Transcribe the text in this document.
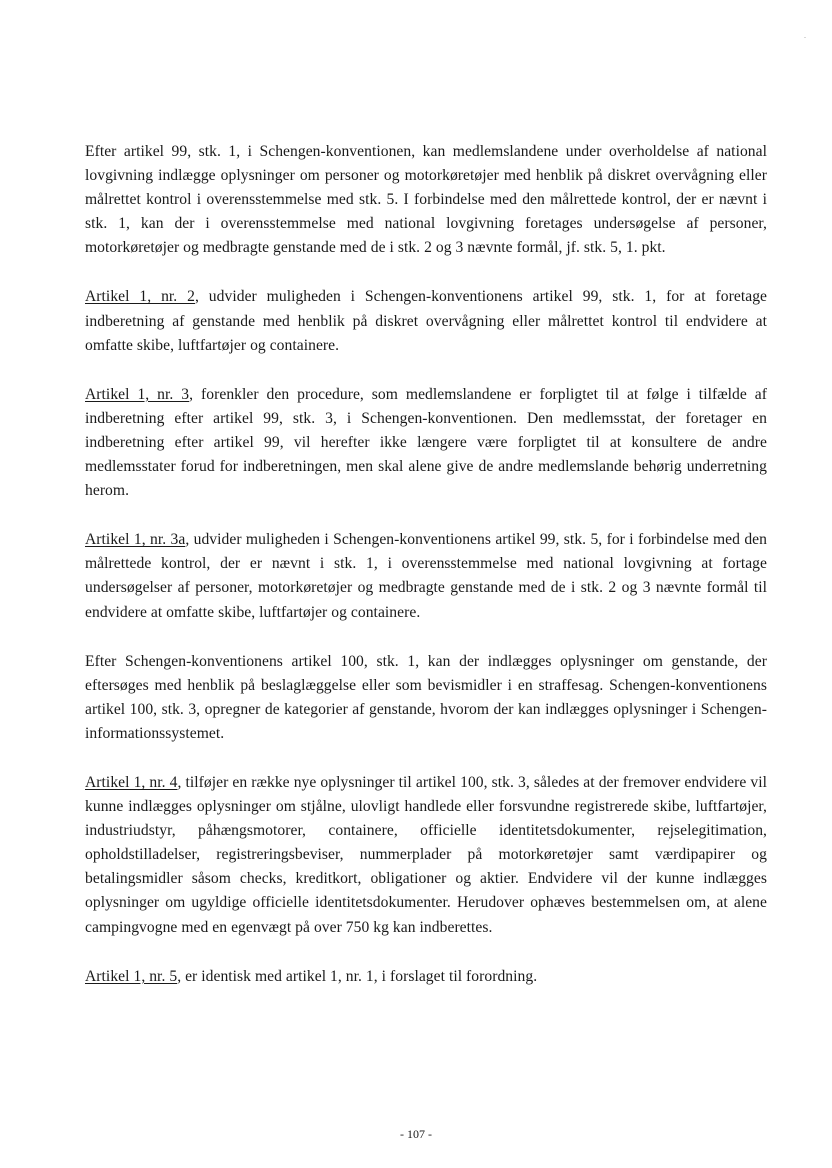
Efter artikel 99, stk. 1, i Schengen-konventionen, kan medlemslandene under overholdelse af national lovgivning indlægge oplysninger om personer og motorkøretøjer med henblik på diskret overvågning eller målrettet kontrol i overensstemmelse med stk. 5. I forbindelse med den målrettede kontrol, der er nævnt i stk. 1, kan der i overensstemmelse med national lovgivning foretages undersøgelse af personer, motorkøretøjer og medbragte genstande med de i stk. 2 og 3 nævnte formål, jf. stk. 5, 1. pkt.

Artikel 1, nr. 2, udvider muligheden i Schengen-konventionens artikel 99, stk. 1, for at foretage indberetning af genstande med henblik på diskret overvågning eller målrettet kontrol til endvidere at omfatte skibe, luftfartøjer og containere.

Artikel 1, nr. 3, forenkler den procedure, som medlemslandene er forpligtet til at følge i tilfælde af indberetning efter artikel 99, stk. 3, i Schengen-konventionen. Den medlemsstat, der foretager en indberetning efter artikel 99, vil herefter ikke længere være forpligtet til at konsultere de andre medlemsstater forud for indberetningen, men skal alene give de andre medlemslande behørig underretning herom.

Artikel 1, nr. 3a, udvider muligheden i Schengen-konventionens artikel 99, stk. 5, for i forbindelse med den målrettede kontrol, der er nævnt i stk. 1, i overensstemmelse med national lovgivning at fortage undersøgelser af personer, motorkøretøjer og medbragte genstande med de i stk. 2 og 3 nævnte formål til endvidere at omfatte skibe, luftfartøjer og containere.

Efter Schengen-konventionens artikel 100, stk. 1, kan der indlægges oplysninger om genstande, der eftersøges med henblik på beslaglæggelse eller som bevismidler i en straffesag. Schengen-konventionens artikel 100, stk. 3, opregner de kategorier af genstande, hvorom der kan indlægges oplysninger i Schengen-informationssystemet.

Artikel 1, nr. 4, tilføjer en række nye oplysninger til artikel 100, stk. 3, således at der fremover endvidere vil kunne indlægges oplysninger om stjålne, ulovligt handlede eller forsvundne registrerede skibe, luftfartøjer, industriudstyr, påhængsmotorer, containere, officielle identitetsdokumenter, rejselegitimation, opholdstilladelser, registreringsbeviser, nummerplader på motorkøretøjer samt værdipapirer og betalingsmidler såsom checks, kreditkort, obligationer og aktier. Endvidere vil der kunne indlægges oplysninger om ugyldige officielle identitetsdokumenter. Herudover ophæves bestemmelsen om, at alene campingvogne med en egenvægt på over 750 kg kan indberettes.

Artikel 1, nr. 5, er identisk med artikel 1, nr. 1, i forslaget til forordning.

- 107 -
